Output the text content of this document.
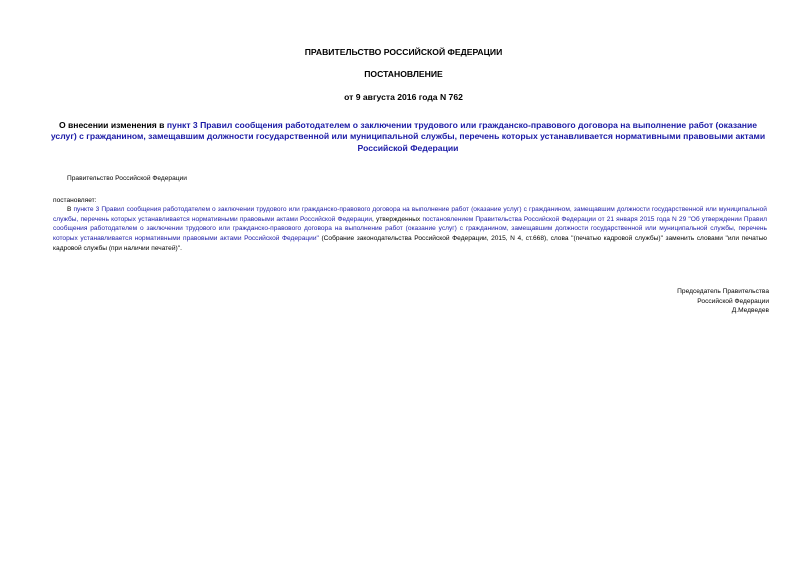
ПРАВИТЕЛЬСТВО РОССИЙСКОЙ ФЕДЕРАЦИИ
ПОСТАНОВЛЕНИЕ
от 9 августа 2016 года N 762
О внесении изменения в пункт 3 Правил сообщения работодателем о заключении трудового или гражданско-правового договора на выполнение работ (оказание услуг) с гражданином, замещавшим должности государственной или муниципальной службы, перечень которых устанавливается нормативными правовыми актами Российской Федерации
Правительство Российской Федерации
постановляет:
В пункте 3 Правил сообщения работодателем о заключении трудового или гражданско-правового договора на выполнение работ (оказание услуг) с гражданином, замещавшим должности государственной или муниципальной службы, перечень которых устанавливается нормативными правовыми актами Российской Федерации, утвержденных постановлением Правительства Российской Федерации от 21 января 2015 года N 29 "Об утверждении Правил сообщения работодателем о заключении трудового или гражданско-правового договора на выполнение работ (оказание услуг) с гражданином, замещавшим должности государственной или муниципальной службы, перечень которых устанавливается нормативными правовыми актами Российской Федерации" (Собрание законодательства Российской Федерации, 2015, N 4, ст.668), слова "(печатью кадровой службы)" заменить словами "или печатью кадровой службы (при наличии печатей)".
Председатель Правительства
Российской Федерации
Д.Медведев
